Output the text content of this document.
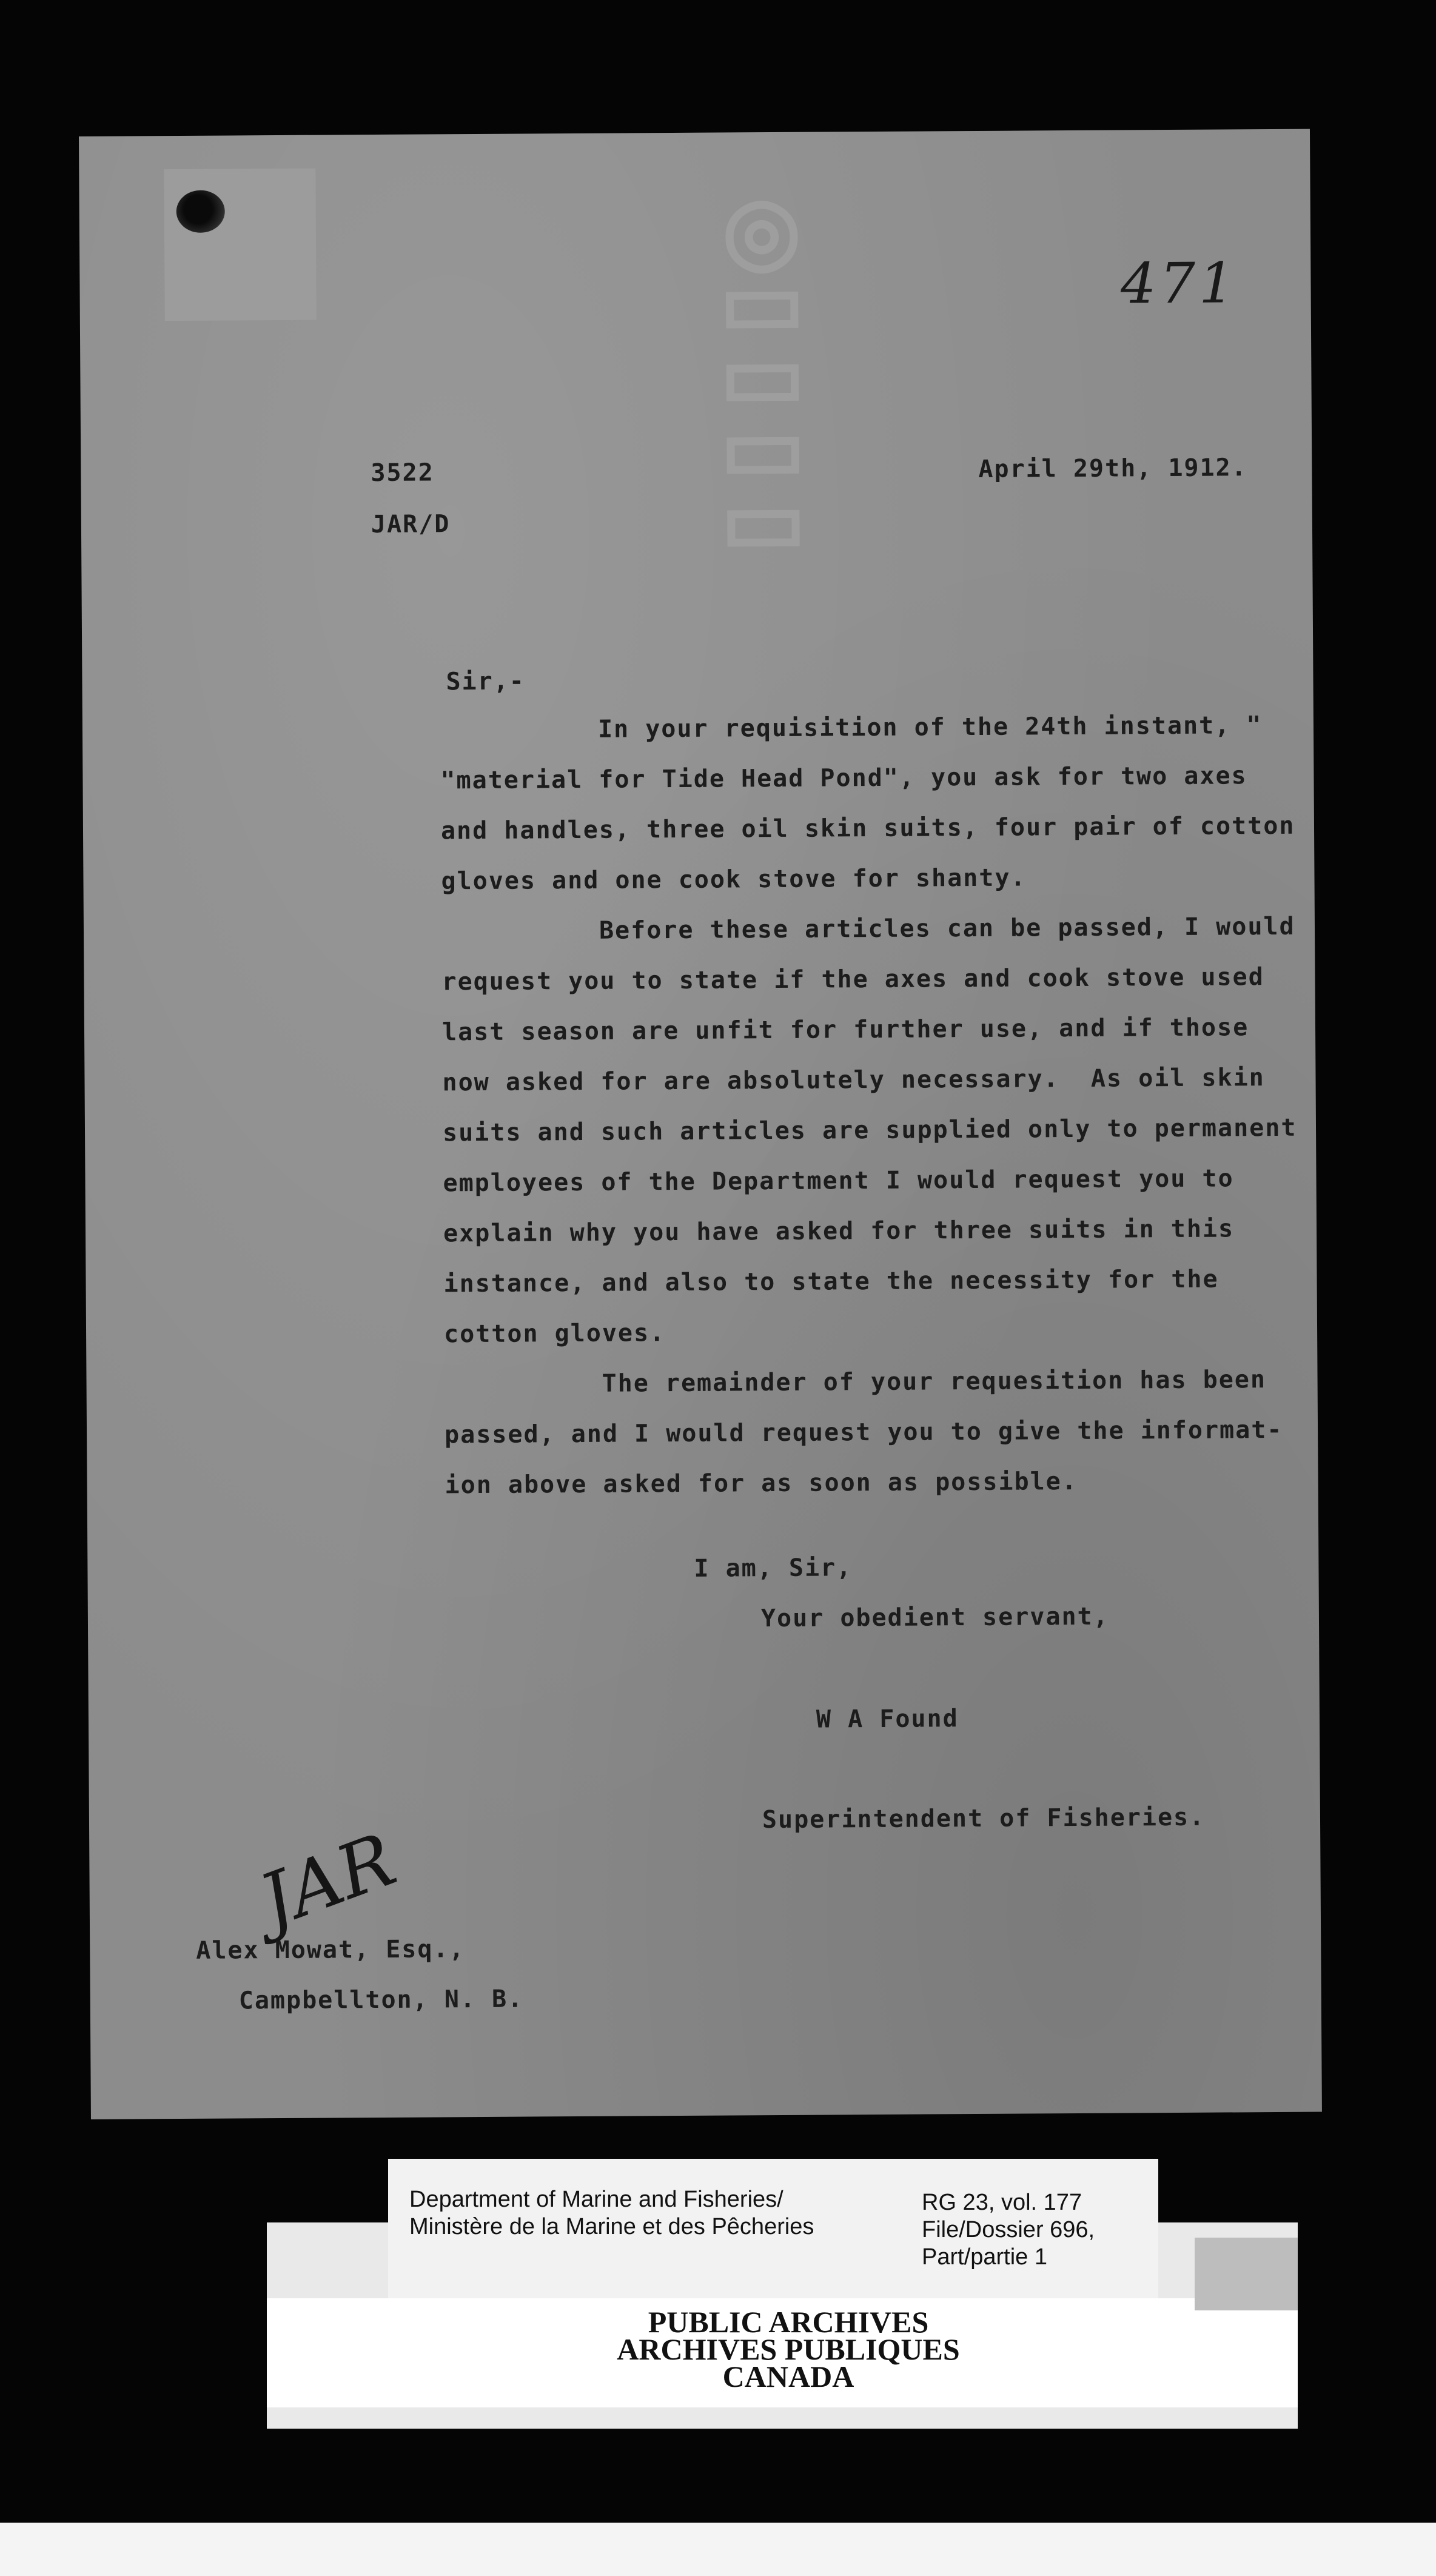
◎
▭
▭
▭
▭
471
3522
JAR/D
April 29th, 1912.
Sir,-
In your requisition of the 24th instant, "
"material for Tide Head Pond", you ask for two axes
and handles, three oil skin suits, four pair of cotton
gloves and one cook stove for shanty.
Before these articles can be passed, I would
request you to state if the axes and cook stove used
last season are unfit for further use, and if those
now asked for are absolutely necessary.  As oil skin
suits and such articles are supplied only to permanent
employees of the Department I would request you to
explain why you have asked for three suits in this
instance, and also to state the necessity for the
cotton gloves.
The remainder of your requesition has been
passed, and I would request you to give the informat-
ion above asked for as soon as possible.
I am, Sir,
Your obedient servant,
W A Found
Superintendent of Fisheries.
JAR
Alex Mowat, Esq.,
Campbellton, N. B.
Department of Marine and Fisheries/
Ministère de la Marine et des Pêcheries
RG 23, vol. 177
File/Dossier 696,
Part/partie 1
PUBLIC ARCHIVES
ARCHIVES PUBLIQUES
CANADA
